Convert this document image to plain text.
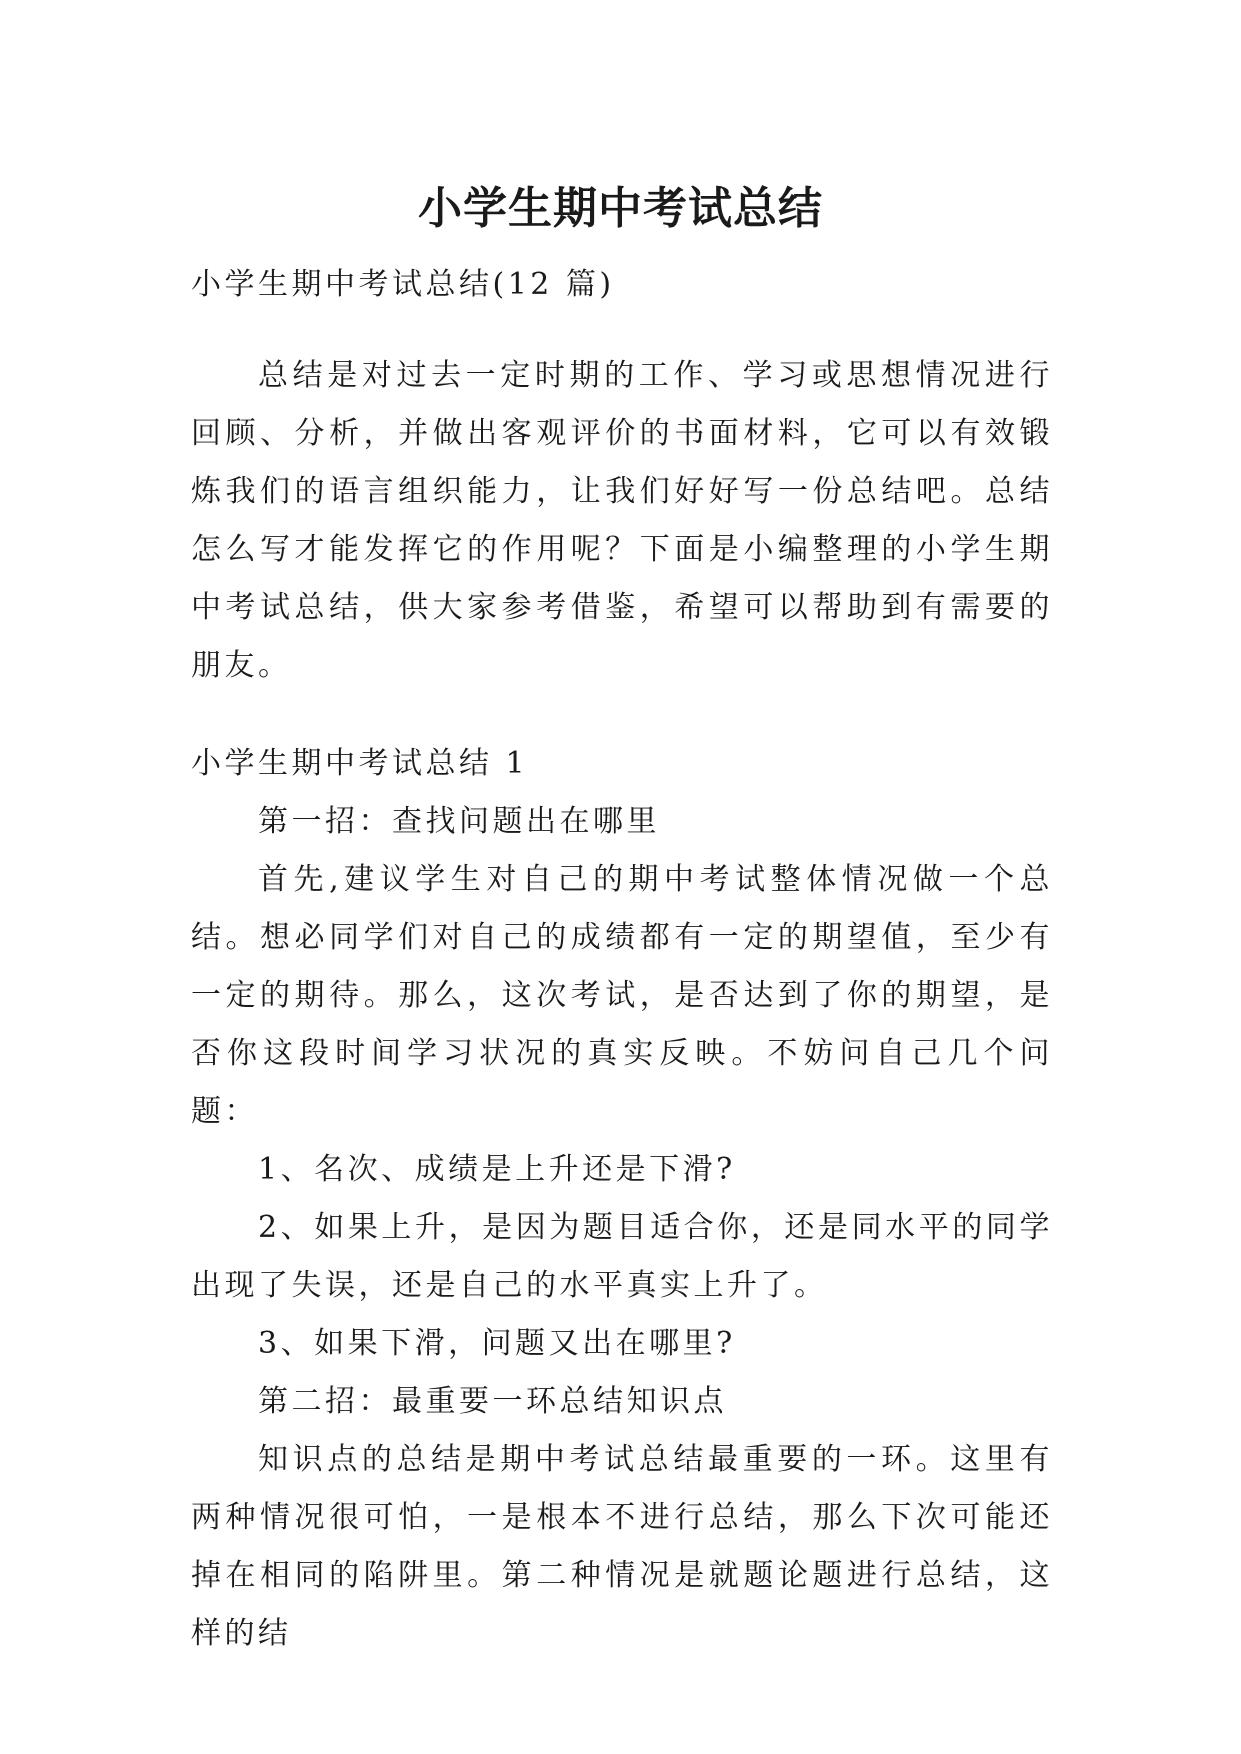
小学生期中考试总结

小学生期中考试总结(12 篇)

总结是对过去一定时期的工作、学习或思想情况进行回顾、分析，并做出客观评价的书面材料，它可以有效锻炼我们的语言组织能力，让我们好好写一份总结吧。总结怎么写才能发挥它的作用呢？下面是小编整理的小学生期中考试总结，供大家参考借鉴，希望可以帮助到有需要的朋友。

小学生期中考试总结 1

第一招：查找问题出在哪里

首先,建议学生对自己的期中考试整体情况做一个总结。想必同学们对自己的成绩都有一定的期望值，至少有一定的期待。那么，这次考试，是否达到了你的期望，是否你这段时间学习状况的真实反映。不妨问自己几个问题：

1、名次、成绩是上升还是下滑?

2、如果上升，是因为题目适合你，还是同水平的同学出现了失误，还是自己的水平真实上升了。

3、如果下滑，问题又出在哪里?

第二招：最重要一环总结知识点

知识点的总结是期中考试总结最重要的一环。这里有两种情况很可怕，一是根本不进行总结，那么下次可能还掉在相同的陷阱里。第二种情况是就题论题进行总结，这样的结
